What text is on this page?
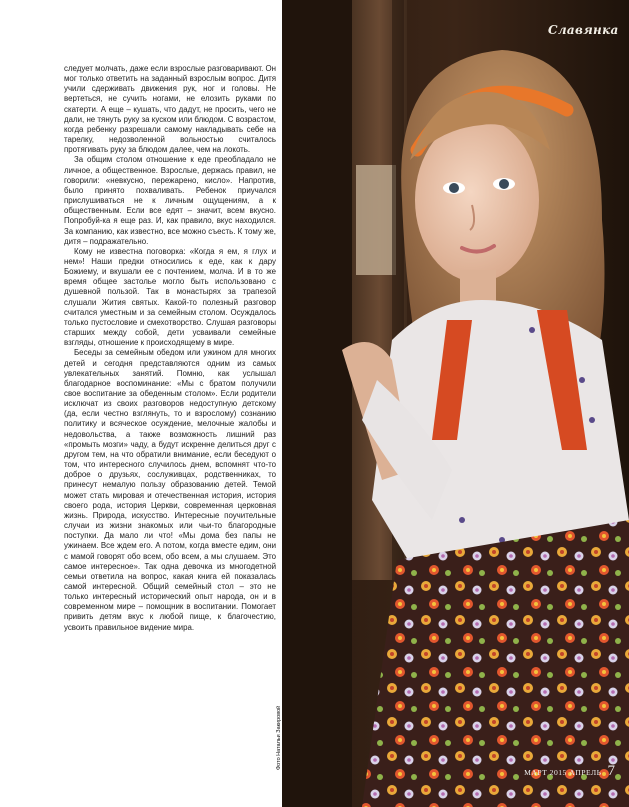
следует молчать, даже если взрослые разговаривают. Он мог только ответить на заданный взрослым вопрос. Дитя учили сдерживать движения рук, ног и головы. Не вертеться, не сучить ногами, не елозить руками по скатерти. А еще – кушать, что дадут, не просить, чего не дали, не тянуть руку за куском или блюдом. С возрастом, когда ребенку разрешали самому накладывать себе на тарелку, недозволенной вольностью считалось протягивать руку за блюдом далее, чем на локоть.

За общим столом отношение к еде преобладало не личное, а общественное. Взрослые, держась правил, не говорили: «невкусно, пережарено, кисло». Напротив, было принято похваливать. Ребенок приучался прислушиваться не к личным ощущениям, а к общественным. Если все едят – значит, всем вкусно. Попробуй-ка я еще раз. И, как правило, вкус находился. За компанию, как известно, все можно съесть. К тому же, дитя – подражательно.

Кому не известна поговорка: «Когда я ем, я глух и нем»! Наши предки относились к еде, как к дару Божиему, и вкушали ее с почтением, молча. И в то же время общее застолье могло быть использовано с душевной пользой. Так в монастырях за трапезой слушали Жития святых. Какой-то полезный разговор считался уместным и за семейным столом. Осуждалось только пустословие и смехотворство. Слушая разговоры старших между собой, дети усваивали семейные взгляды, отношение к происходящему в мире.

Беседы за семейным обедом или ужином для многих детей и сегодня представляются одним из самых увлекательных занятий. Помню, как услышал благодарное воспоминание: «Мы с братом получили свое воспитание за обеденным столом». Если родители исключат из своих разговоров недоступную детскому (да, если честно взглянуть, то и взрослому) сознанию политику и всяческое осуждение, мелочные жалобы и недовольства, а также возможность лишний раз «промыть мозги» чаду, а будут искренне делиться друг с другом тем, на что обратили внимание, если беседуют о том, что интересного случилось днем, вспомнят что-то доброе о друзьях, сослуживцах, родственниках, то принесут немалую пользу образованию детей. Темой может стать мировая и отечественная история, история своего рода, история Церкви, современная церковная жизнь. Природа, искусство. Интересные поучительные случаи из жизни знакомых или чьи-то благородные поступки. Да мало ли что! «Мы дома без папы не ужинаем. Все ждем его. А потом, когда вместе едим, они с мамой говорят обо всем, обо всем, а мы слушаем. Это самое интересное». Так одна девочка из многодетной семьи ответила на вопрос, какая книга ей показалась самой интересной. Общий семейный стол – это не только интересный исторический опыт народа, он и в современном мире – помощник в воспитании. Помогает привить детям вкус к любой пище, к благочестию, усвоить правильное видение мира.

Фото Натальи Закировой
Славянка
МАРТ 2015 АПРЕЛЬ 7
